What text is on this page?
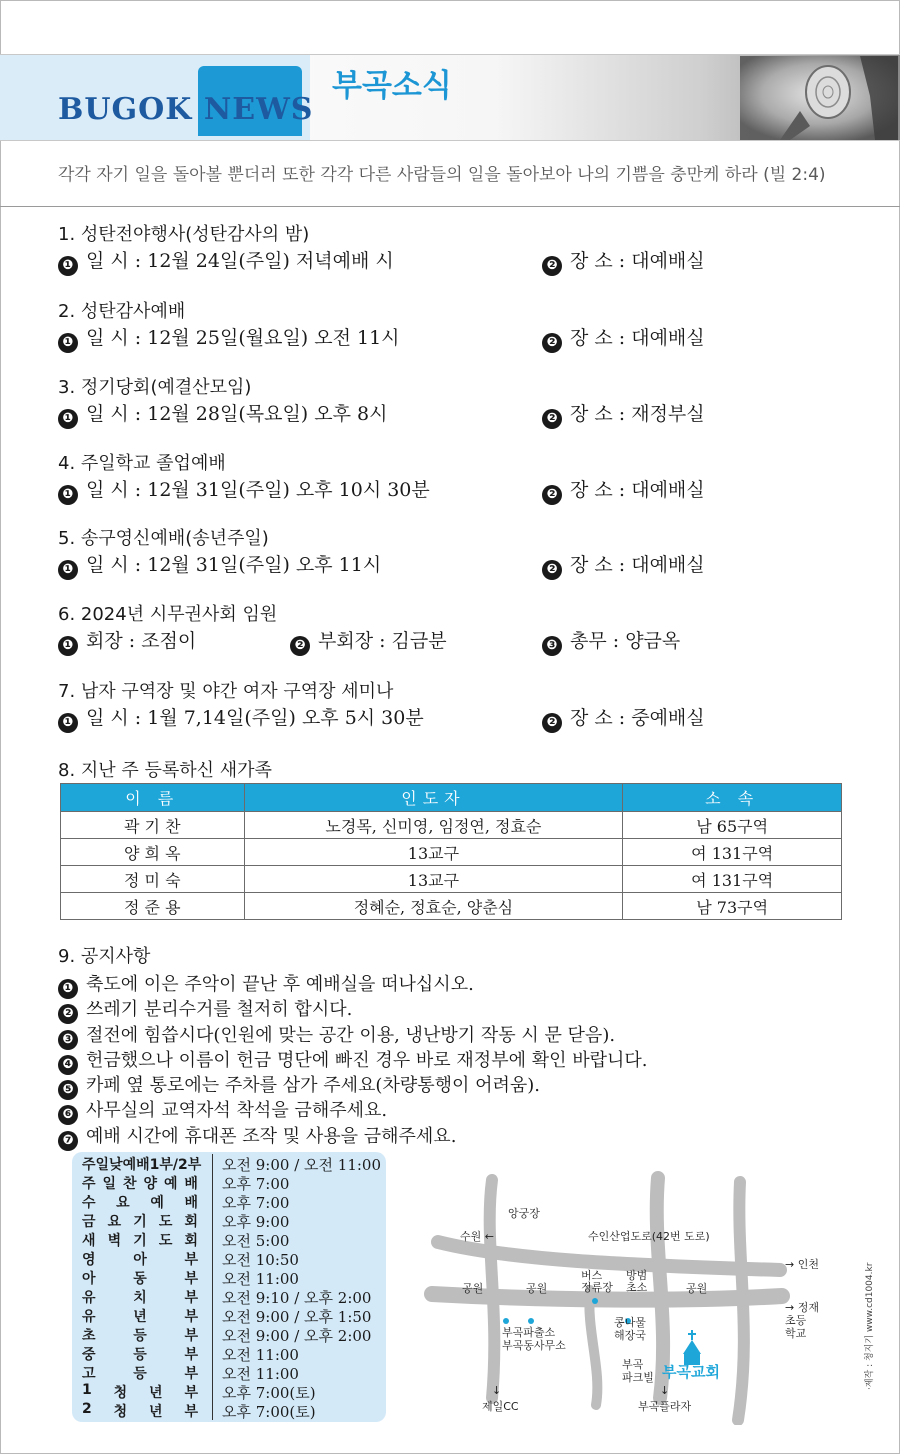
BUGOK NEWS
부곡소식
각각 자기 일을 돌아볼 뿐더러 또한 각각 다른 사람들의 일을 돌아보아 나의 기쁨을 충만케 하라 (빌 2:4)
1. 성탄전야행사(성탄감사의 밤)
❶ 일 시 : 12월 24일(주일) 저녁예배 시	❷ 장 소 : 대예배실
2. 성탄감사예배
❶ 일 시 : 12월 25일(월요일) 오전 11시	❷ 장 소 : 대예배실
3. 정기당회(예결산모임)
❶ 일 시 : 12월 28일(목요일) 오후 8시	❷ 장 소 : 재정부실
4. 주일학교 졸업예배
❶ 일 시 : 12월 31일(주일) 오후 10시 30분	❷ 장 소 : 대예배실
5. 송구영신예배(송년주일)
❶ 일 시 : 12월 31일(주일) 오후 11시	❷ 장 소 : 대예배실
6. 2024년 시무권사회 임원
❶ 회장 : 조점이	❷ 부회장 : 김금분	❸ 총무 : 양금옥
7. 남자 구역장 및 야간 여자 구역장 세미나
❶ 일 시 : 1월 7,14일(주일) 오후 5시 30분	❷ 장 소 : 중예배실
8. 지난 주 등록하신 새가족
이 름	인도자	소 속
곽 기 찬	노경목, 신미영, 임정연, 정효순	남 65구역
양 희 옥	13교구	여 131구역
정 미 숙	13교구	여 131구역
정 준 용	정혜순, 정효순, 양춘심	남 73구역
9. 공지사항
❶ 축도에 이은 주악이 끝난 후 예배실을 떠나십시오.
❷ 쓰레기 분리수거를 철저히 합시다.
❸ 절전에 힘씁시다(인원에 맞는 공간 이용, 냉난방기 작동 시 문 닫음).
❹ 헌금했으나 이름이 헌금 명단에 빠진 경우 바로 재정부에 확인 바랍니다.
❺ 카페 옆 통로에는 주차를 삼가 주세요(차량통행이 어려움).
❻ 사무실의 교역자석 착석을 금해주세요.
❼ 예배 시간에 휴대폰 조작 및 사용을 금해주세요.
주일낮예배1부/2부 오전 9:00 / 오전 11:00
주 일 찬 양 예 배 오후 7:00
수 요 예 배 오후 7:00
금 요 기 도 회 오후 9:00
새 벽 기 도 회 오전 5:00
영	아	부 오전 10:50
아	동	부 오전 11:00
유	치	부 오전 9:10 / 오후 2:00
유	년	부 오전 9:00 / 오후 1:50
초	등	부 오전 9:00 / 오후 2:00
중	등	부 오전 11:00
고	등	부 오전 11:00
1 청 년 부 오후 7:00(토)
2 청 년 부 오후 7:00(토)
앙궁장
수원 ←	수인산업도로(42번 도로)
→ 인천
공원	공원
버스
정류장
방범
초소	공원
→ 정재
초등
학교
부곡파출소
부곡동사무소
콩나물
해장국
부곡
파크빌 부곡교회
제일CC	부곡플라자
↓	↓
·제작 : 청지기 www.cd1004.kr
